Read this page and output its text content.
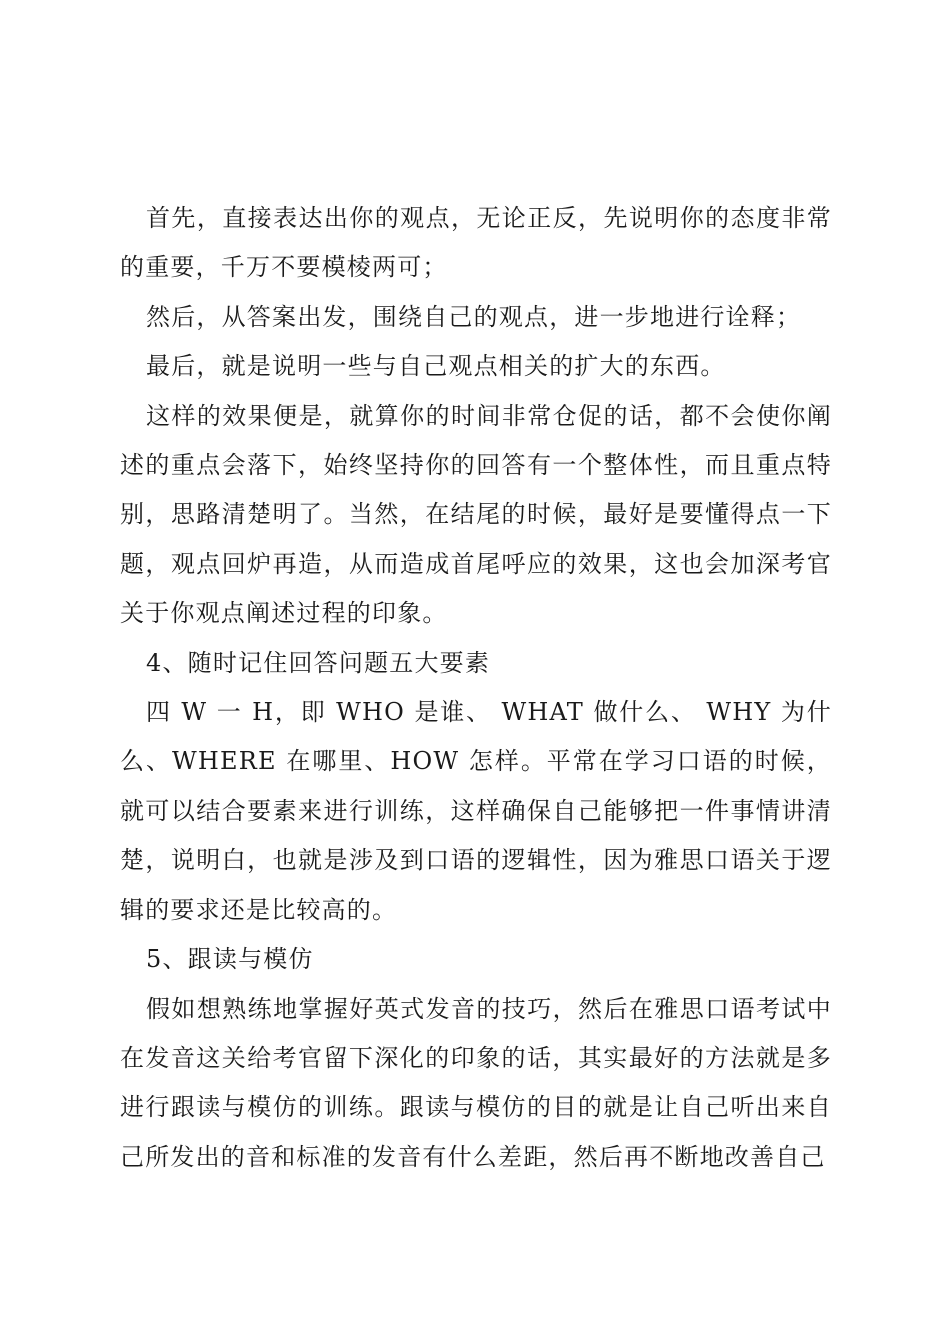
首先，直接表达出你的观点，无论正反，先说明你的态度非常的重要，千万不要模棱两可；

然后，从答案出发，围绕自己的观点，进一步地进行诠释；

最后，就是说明一些与自己观点相关的扩大的东西。

这样的效果便是，就算你的时间非常仓促的话，都不会使你阐述的重点会落下，始终坚持你的回答有一个整体性，而且重点特别，思路清楚明了。当然，在结尾的时候，最好是要懂得点一下题，观点回炉再造，从而造成首尾呼应的效果，这也会加深考官关于你观点阐述过程的印象。

4、随时记住回答问题五大要素

四 W 一 H，即 WHO 是谁、 WHAT 做什么、 WHY 为什么、WHERE 在哪里、HOW 怎样。平常在学习口语的时候，就可以结合要素来进行训练，这样确保自己能够把一件事情讲清楚，说明白，也就是涉及到口语的逻辑性，因为雅思口语关于逻辑的要求还是比较高的。

5、跟读与模仿

假如想熟练地掌握好英式发音的技巧，然后在雅思口语考试中在发音这关给考官留下深化的印象的话，其实最好的方法就是多进行跟读与模仿的训练。跟读与模仿的目的就是让自己听出来自己所发出的音和标准的发音有什么差距，然后再不断地改善自己
